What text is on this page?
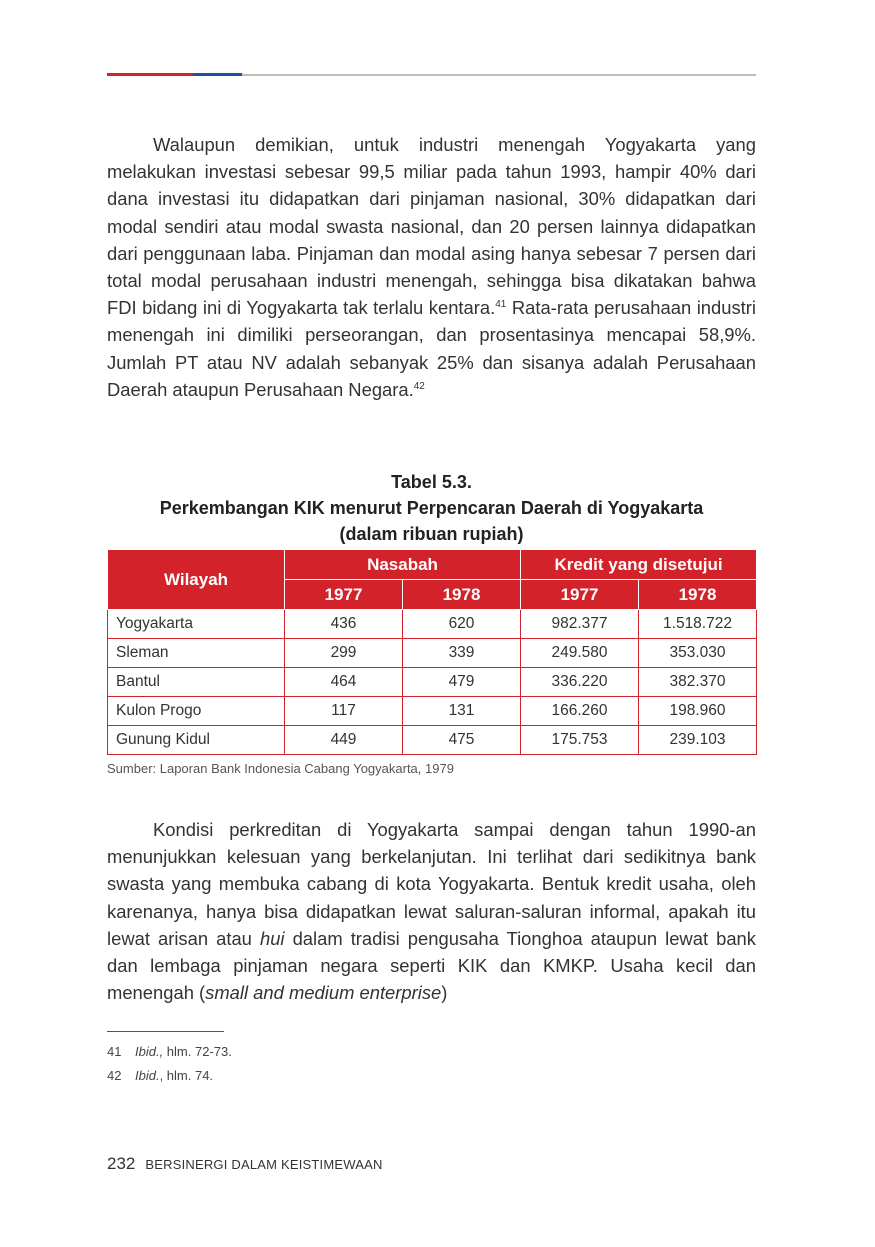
Walaupun demikian, untuk industri menengah Yogyakarta yang melakukan investasi sebesar 99,5 miliar pada tahun 1993, hampir 40% dari dana investasi itu didapatkan dari pinjaman nasional, 30% didapatkan dari modal sendiri atau modal swasta nasional, dan 20 persen lainnya didapatkan dari penggunaan laba. Pinjaman dan modal asing hanya sebesar 7 persen dari total modal perusahaan industri menengah, sehingga bisa dikatakan bahwa FDI bidang ini di Yogyakarta tak terlalu kentara.$^{41}$ Rata-rata perusahaan industri menengah ini dimiliki perseorangan, dan prosentasinya mencapai 58,9%. Jumlah PT atau NV adalah sebanyak 25% dan sisanya adalah Perusahaan Daerah ataupun Perusahaan Negara.$^{42}$

Tabel 5.3.
Perkembangan KIK menurut Perpencaran Daerah di Yogyakarta
(dalam ribuan rupiah)
Wilayah	Nasabah		Kredit yang disetujui	
	1977	1978	1977	1978
Yogyakarta	436	620	982.377	1.518.722
Sleman	299	339	249.580	353.030
Bantul	464	479	336.220	382.370
Kulon Progo	117	131	166.260	198.960
Gunung Kidul	449	475	175.753	239.103
Sumber: Laporan Bank Indonesia Cabang Yogyakarta, 1979

Kondisi perkreditan di Yogyakarta sampai dengan tahun 1990-an menunjukkan kelesuan yang berkelanjutan. Ini terlihat dari sedikitnya bank swasta yang membuka cabang di kota Yogyakarta. Bentuk kredit usaha, oleh karenanya, hanya bisa didapatkan lewat saluran-saluran informal, apakah itu lewat arisan atau hui dalam tradisi pengusaha Tionghoa ataupun lewat bank dan lembaga pinjaman negara seperti KIK dan KMKP. Usaha kecil dan menengah (small and medium enterprise)

41 Ibid., hlm. 72-73.
42 Ibid., hlm. 74.
232 BERSINERGI DALAM KEISTIMEWAAN
